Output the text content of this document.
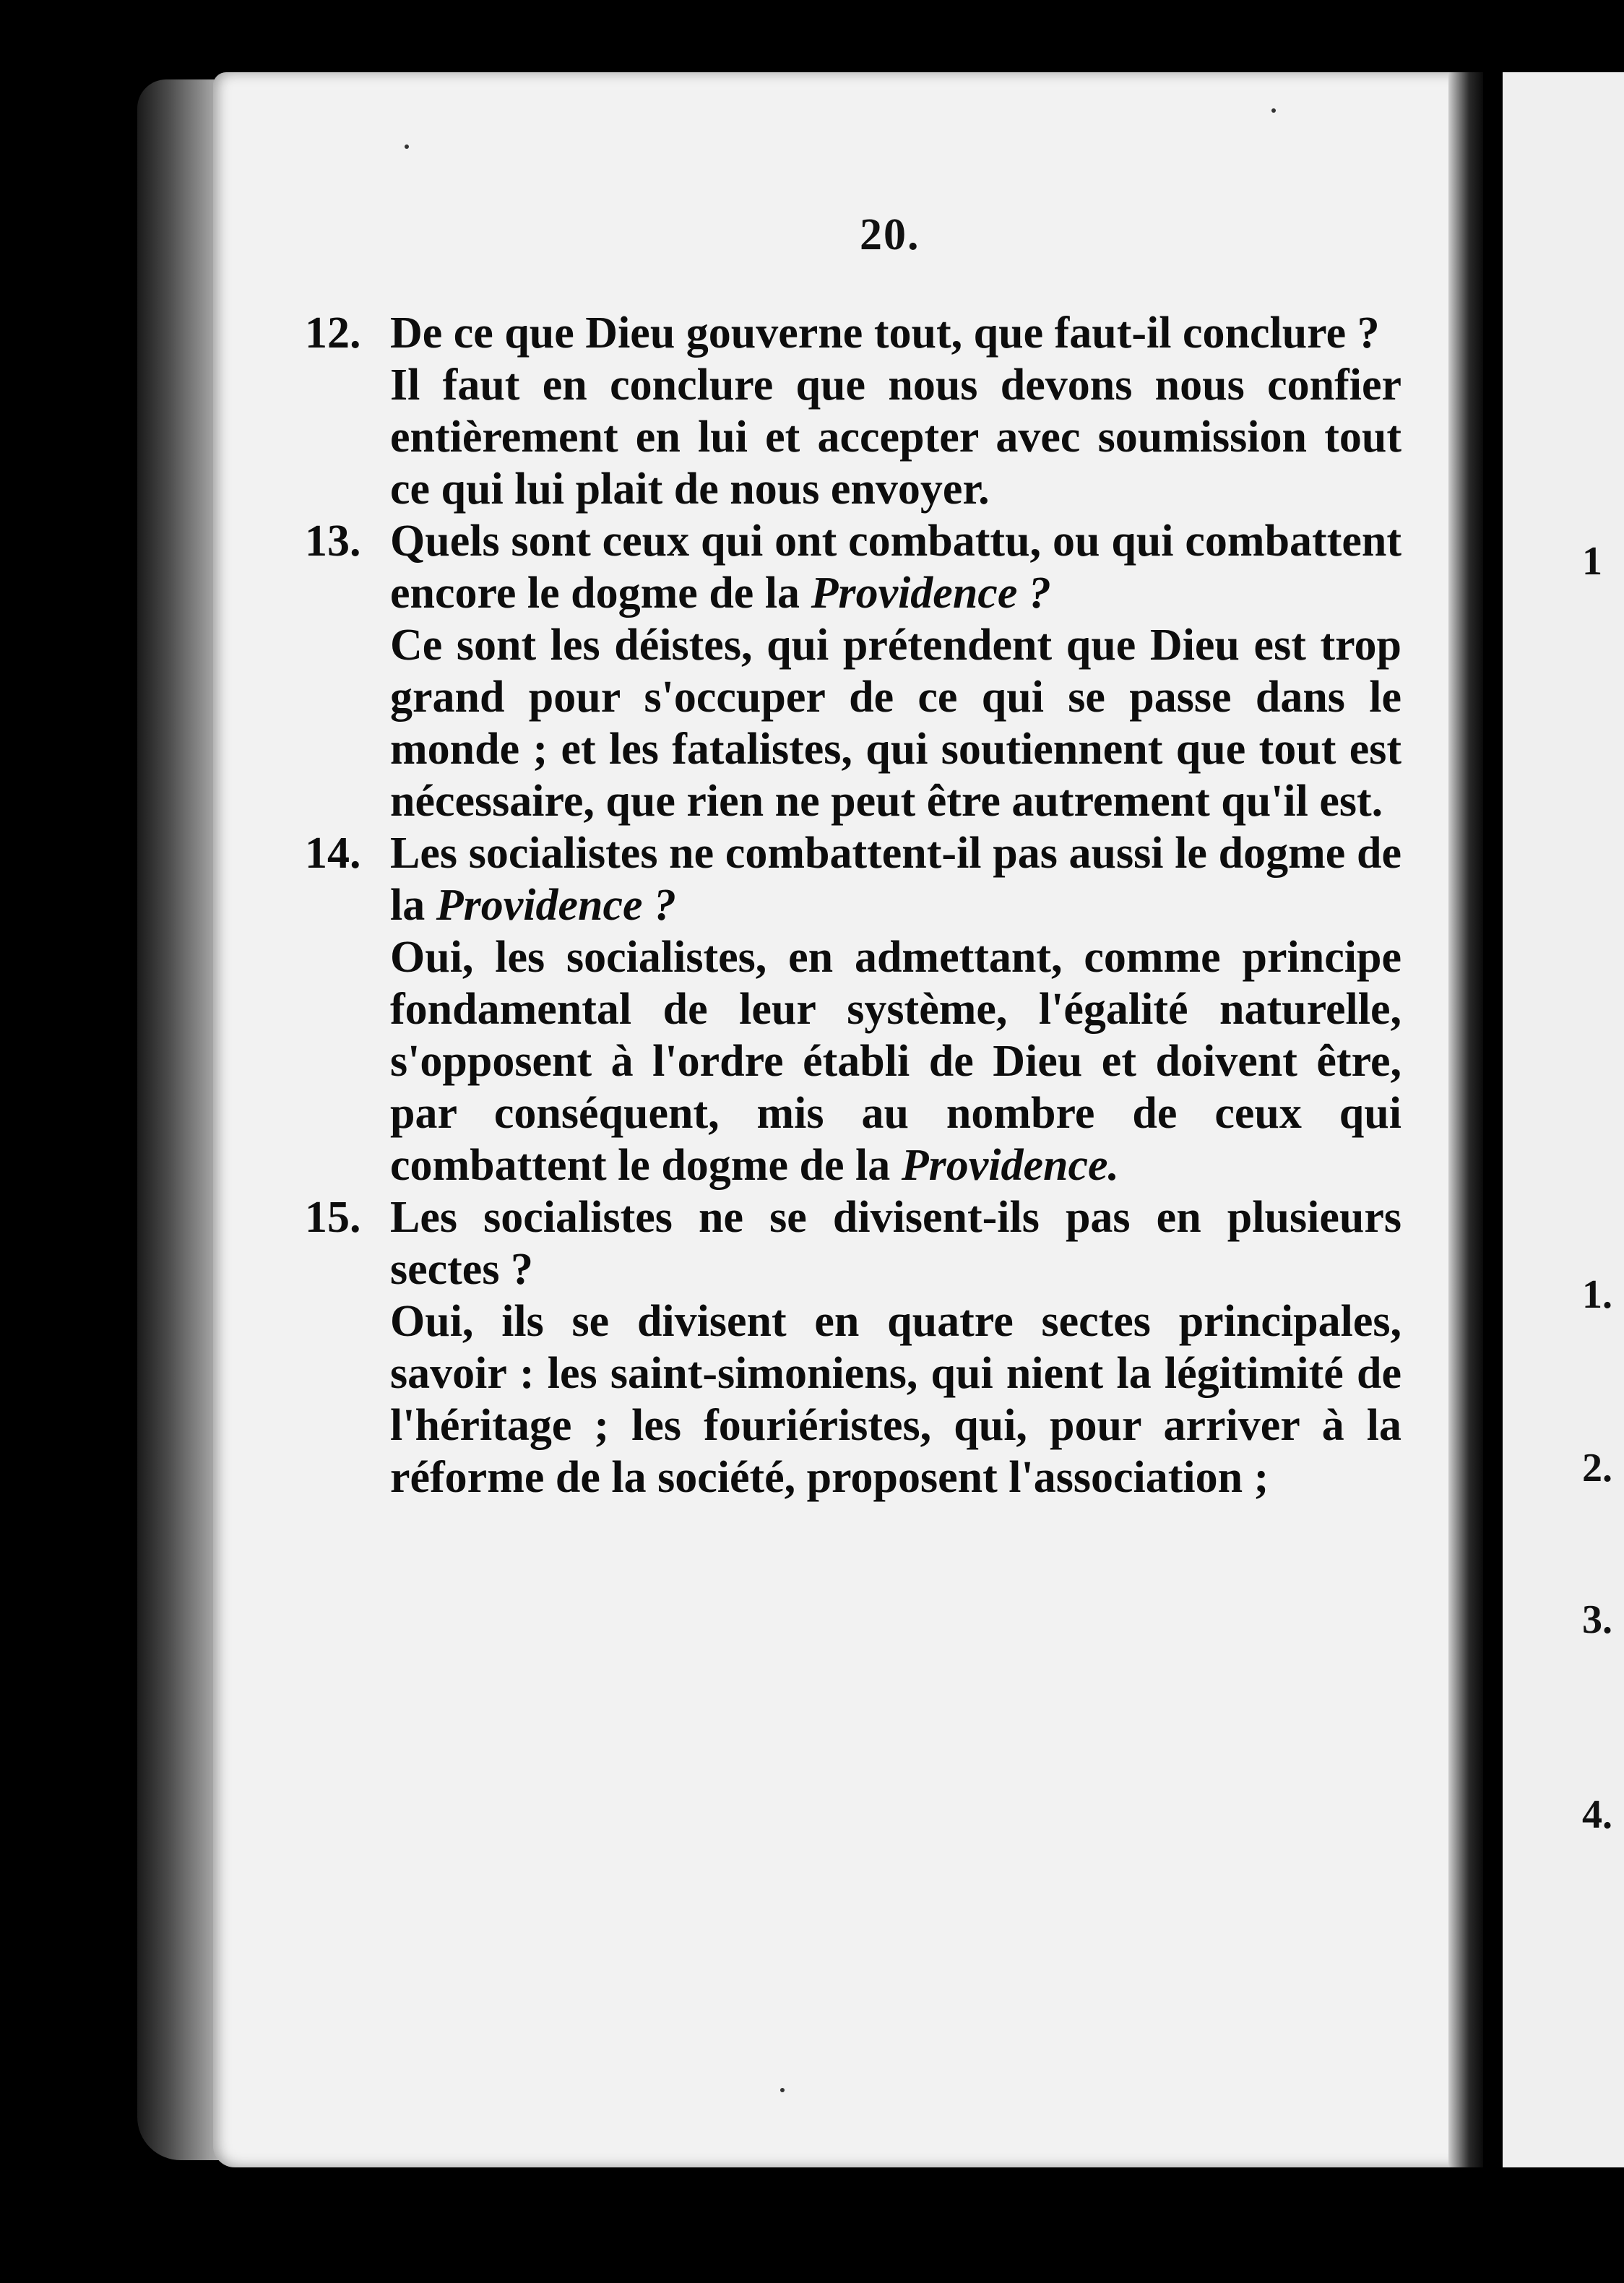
1
1.
2.
3.
4.
20.
12. De ce que Dieu gouverne tout, que faut-il conclure ?

Il faut en conclure que nous devons nous confier entièrement en lui et accepter avec soumission tout ce qui lui plait de nous envoyer.

13. Quels sont ceux qui ont combattu, ou qui combattent encore le dogme de la Providence ?

Ce sont les déistes, qui prétendent que Dieu est trop grand pour s'occuper de ce qui se passe dans le monde ; et les fatalistes, qui soutiennent que tout est nécessaire, que rien ne peut être autrement qu'il est.

14. Les socialistes ne combattent-il pas aussi le dogme de la Providence ?

Oui, les socialistes, en admettant, comme principe fondamental de leur système, l'égalité naturelle, s'opposent à l'ordre établi de Dieu et doivent être, par conséquent, mis au nombre de ceux qui combattent le dogme de la Providence.

15. Les socialistes ne se divisent-ils pas en plusieurs sectes ?

Oui, ils se divisent en quatre sectes principales, savoir : les saint-simoniens, qui nient la légitimité de l'héritage ; les fouriéristes, qui, pour arriver à la réforme de la société, proposent l'association ;
